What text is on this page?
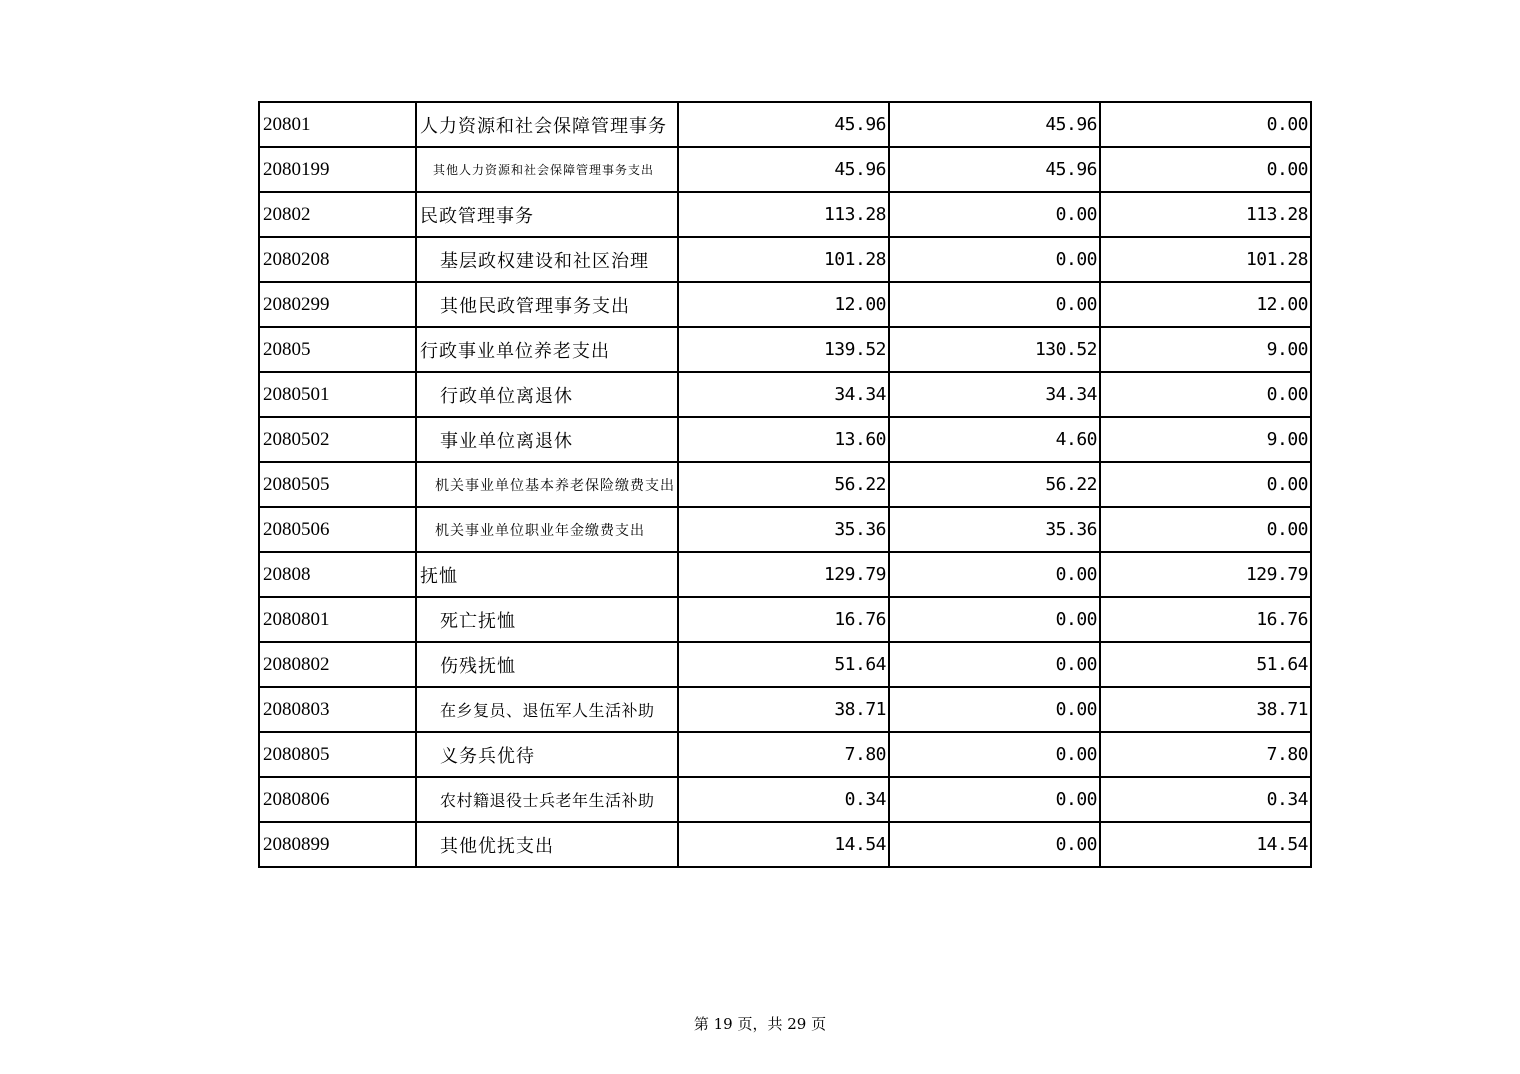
20801	人力资源和社会保障管理事务	45.96	45.96	0.00
2080199	其他人力资源和社会保障管理事务支出	45.96	45.96	0.00
20802	民政管理事务	113.28	0.00	113.28
2080208	基层政权建设和社区治理	101.28	0.00	101.28
2080299	其他民政管理事务支出	12.00	0.00	12.00
20805	行政事业单位养老支出	139.52	130.52	9.00
2080501	行政单位离退休	34.34	34.34	0.00
2080502	事业单位离退休	13.60	4.60	9.00
2080505	机关事业单位基本养老保险缴费支出	56.22	56.22	0.00
2080506	机关事业单位职业年金缴费支出	35.36	35.36	0.00
20808	抚恤	129.79	0.00	129.79
2080801	死亡抚恤	16.76	0.00	16.76
2080802	伤残抚恤	51.64	0.00	51.64
2080803	在乡复员、退伍军人生活补助	38.71	0.00	38.71
2080805	义务兵优待	7.80	0.00	7.80
2080806	农村籍退役士兵老年生活补助	0.34	0.00	0.34
2080899	其他优抚支出	14.54	0.00	14.54
第 19 页，共 29 页
